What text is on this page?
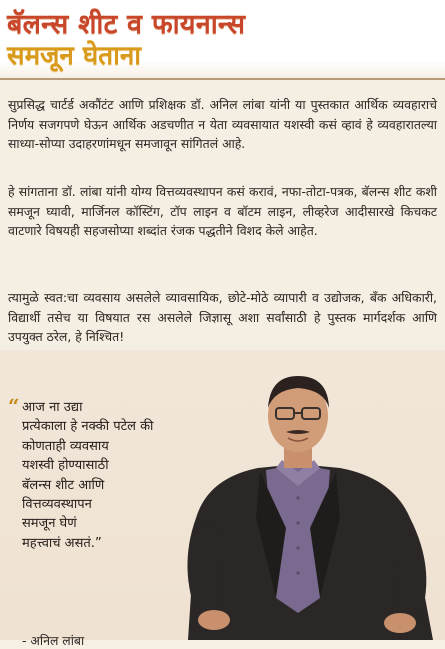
बॅलन्स शीट व फायनान्स
समजून घेताना
सुप्रसिद्ध चार्टर्ड अकौंटंट आणि प्रशिक्षक डॉ. अनिल लांबा यांनी या पुस्तकात आर्थिक व्यवहाराचे निर्णय सजगपणे घेऊन आर्थिक अडचणीत न येता व्यवसायात यशस्वी कसं व्हावं हे व्यवहारातल्या साध्या-सोप्या उदाहरणांमधून समजावून सांगितलं आहे.
हे सांगताना डॉ. लांबा यांनी योग्य वित्तव्यवस्थापन कसं करावं, नफा-तोटा-पत्रक, बॅलन्स शीट कशी समजून घ्यावी, मार्जिनल कॉस्टिंग, टॉप लाइन व बॉटम लाइन, लीव्हरेज आदीसारखे किचकट वाटणारे विषयही सहजसोप्या शब्दांत रंजक पद्धतीने विशद केले आहेत.
त्यामुळे स्वत:चा व्यवसाय असलेले व्यावसायिक, छोटे-मोठे व्यापारी व उद्योजक, बँक अधिकारी, विद्यार्थी तसेच या विषयात रस असलेले जिज्ञासू अशा सर्वांसाठी हे पुस्तक मार्गदर्शक आणि उपयुक्त ठरेल, हे निश्चित!
“ आज ना उद्या
प्रत्येकाला हे नक्की पटेल की
कोणताही व्यवसाय
यशस्वी होण्यासाठी
बॅलन्स शीट आणि
वित्तव्यवस्थापन
समजून घेणं
महत्त्वाचं असतं.”
- अनिल लांबा
